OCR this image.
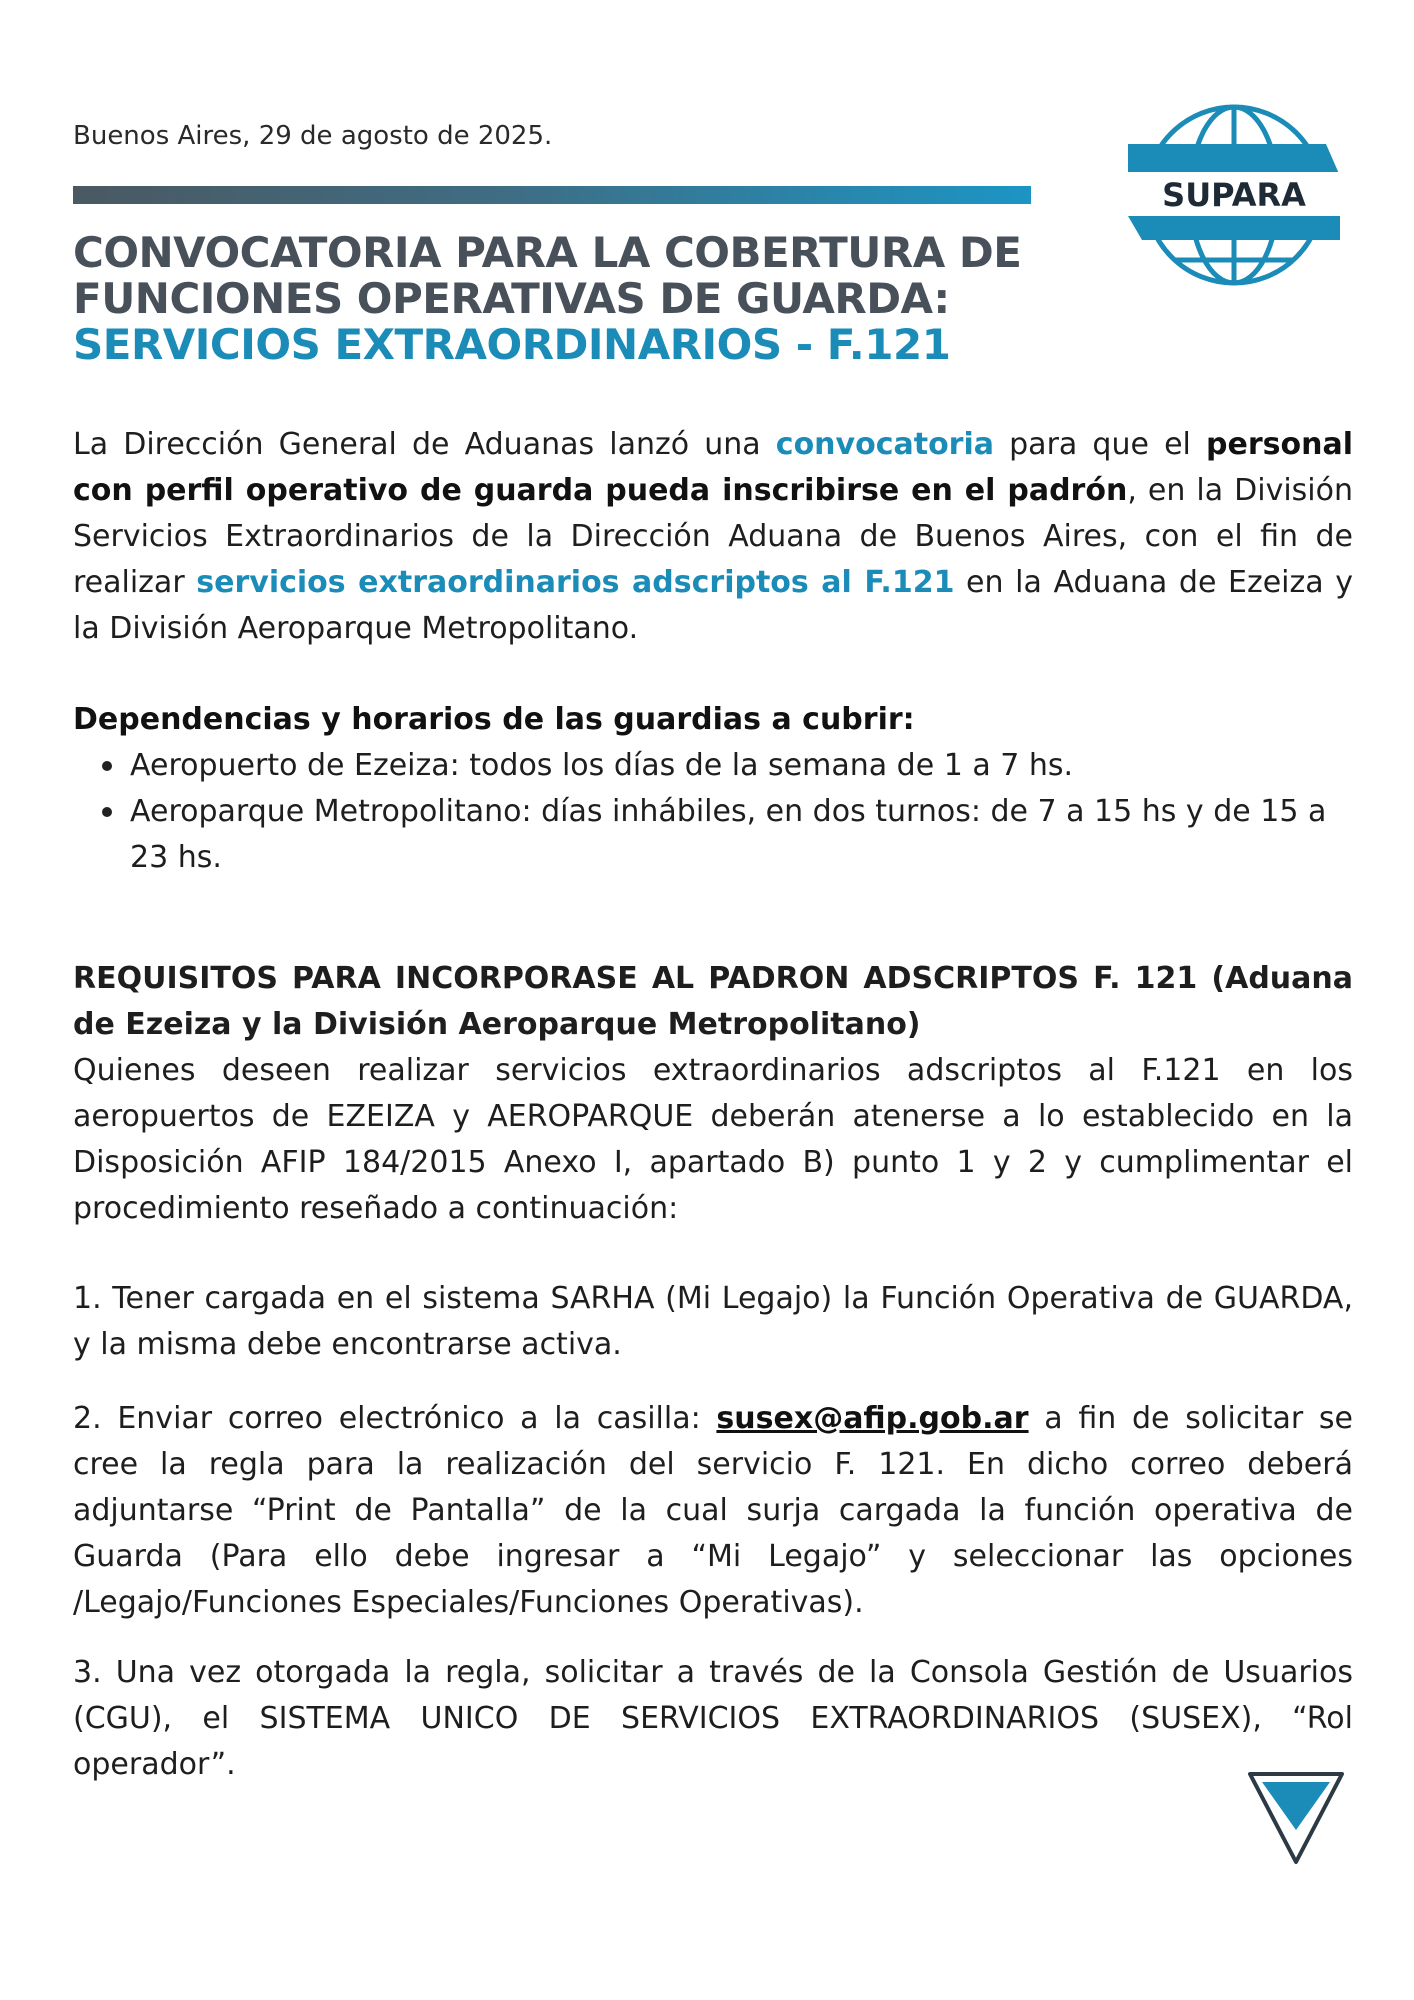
Buenos Aires, 29 de agosto de 2025.
SUPARA
CONVOCATORIA PARA LA COBERTURA DE
FUNCIONES OPERATIVAS DE GUARDA:
SERVICIOS EXTRAORDINARIOS - F.121
La Dirección General de Aduanas lanzó una convocatoria para que el personal con perfil operativo de guarda pueda inscribirse en el padrón, en la División Servicios Extraordinarios de la Dirección Aduana de Buenos Aires, con el fin de realizar servicios extraordinarios adscriptos al F.121 en la Aduana de Ezeiza y la División Aeroparque Metropolitano.
Dependencias y horarios de las guardias a cubrir:
Aeropuerto de Ezeiza: todos los días de la semana de 1 a 7 hs.
Aeroparque Metropolitano: días inhábiles, en dos turnos: de 7 a 15 hs y de 15 a 23 hs.
REQUISITOS PARA INCORPORASE AL PADRON ADSCRIPTOS F. 121 (Aduana de Ezeiza y la División Aeroparque Metropolitano)
Quienes deseen realizar servicios extraordinarios adscriptos al F.121 en los aeropuertos de EZEIZA y AEROPARQUE deberán atenerse a lo establecido en la Disposición AFIP 184/2015 Anexo I, apartado B) punto 1 y 2 y cumplimentar el procedimiento reseñado a continuación:
1. Tener cargada en el sistema SARHA (Mi Legajo) la Función Operativa de GUARDA, y la misma debe encontrarse activa.
2. Enviar correo electrónico a la casilla: susex@afip.gob.ar a fin de solicitar se cree la regla para la realización del servicio F. 121. En dicho correo deberá adjuntarse “Print de Pantalla” de la cual surja cargada la función operativa de Guarda (Para ello debe ingresar a “Mi Legajo” y seleccionar las opciones /Legajo/Funciones Especiales/Funciones Operativas).
3. Una vez otorgada la regla, solicitar a través de la Consola Gestión de Usuarios (CGU), el SISTEMA UNICO DE SERVICIOS EXTRAORDINARIOS (SUSEX), “Rol operador”.
